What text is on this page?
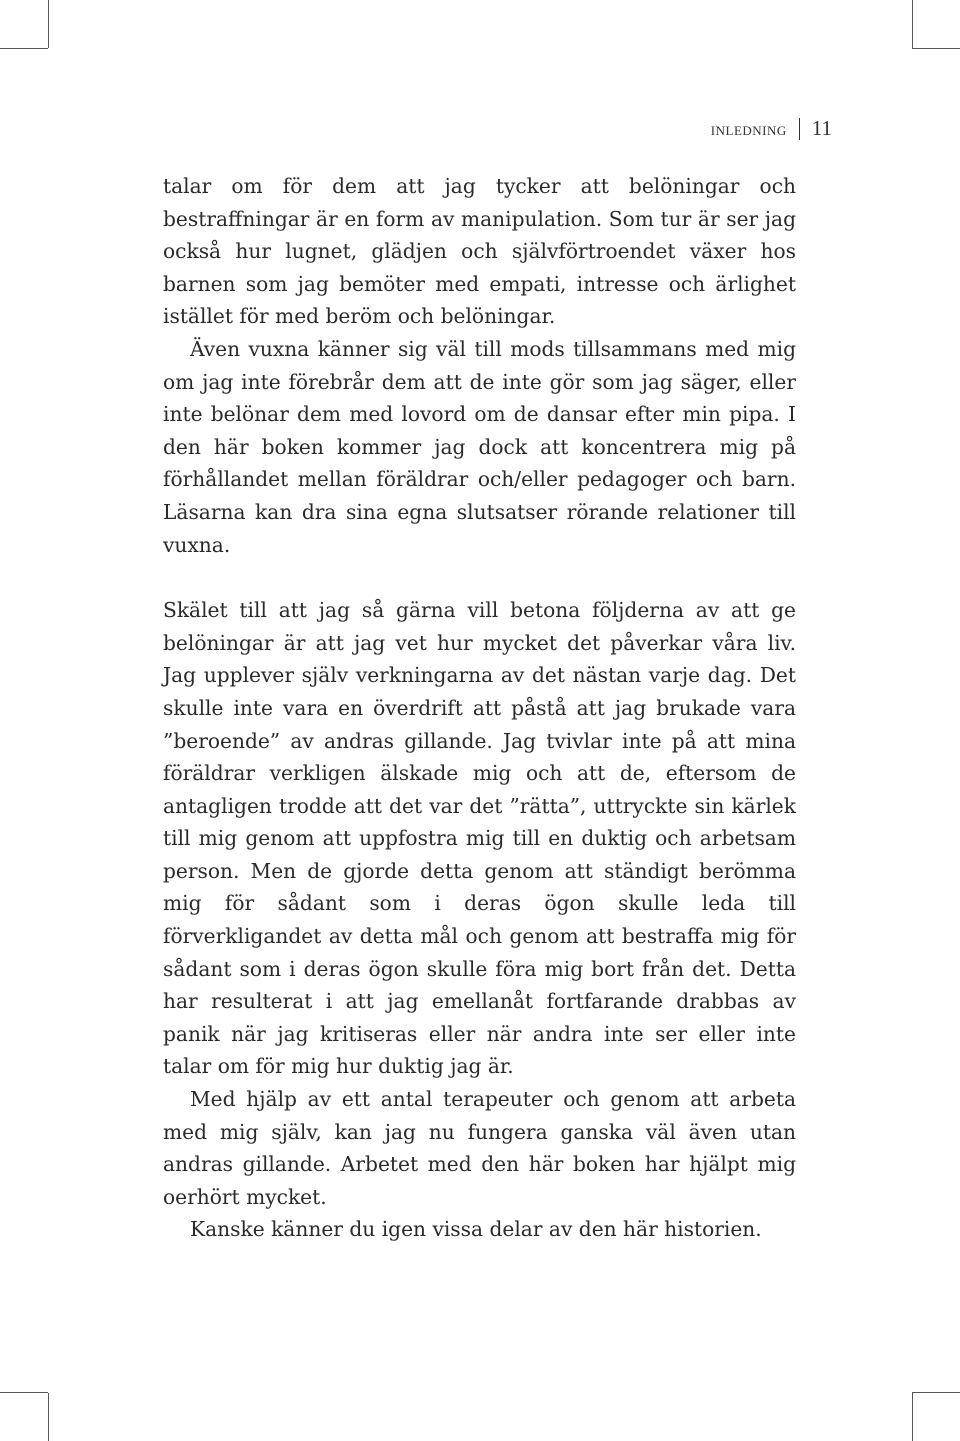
inledning 11

talar om för dem att jag tycker att belöningar och bestraffningar är en form av manipulation. Som tur är ser jag också hur lugnet, glädjen och självförtroendet växer hos barnen som jag bemöter med empati, intresse och ärlighet istället för med beröm och belöningar.

Även vuxna känner sig väl till mods tillsammans med mig om jag inte förebrår dem att de inte gör som jag säger, eller inte belönar dem med lovord om de dansar efter min pipa. I den här boken kommer jag dock att koncentrera mig på förhållandet mellan föräldrar och/eller pedagoger och barn. Läsarna kan dra sina egna slutsatser rörande relationer till vuxna.

Skälet till att jag så gärna vill betona följderna av att ge belöningar är att jag vet hur mycket det påverkar våra liv. Jag upplever själv verkningarna av det nästan varje dag. Det skulle inte vara en överdrift att påstå att jag brukade vara ”beroende” av andras gillande. Jag tvivlar inte på att mina föräldrar verkligen älskade mig och att de, eftersom de antagligen trodde att det var det ”rätta”, uttryckte sin kärlek till mig genom att uppfostra mig till en duktig och arbetsam person. Men de gjorde detta genom att ständigt berömma mig för sådant som i deras ögon skulle leda till förverkligandet av detta mål och genom att bestraffa mig för sådant som i deras ögon skulle föra mig bort från det. Detta har resulterat i att jag emellanåt fortfarande drabbas av panik när jag kritiseras eller när andra inte ser eller inte talar om för mig hur duktig jag är.

Med hjälp av ett antal terapeuter och genom att arbeta med mig själv, kan jag nu fungera ganska väl även utan andras gillande. Arbetet med den här boken har hjälpt mig oerhört mycket.

Kanske känner du igen vissa delar av den här historien.
